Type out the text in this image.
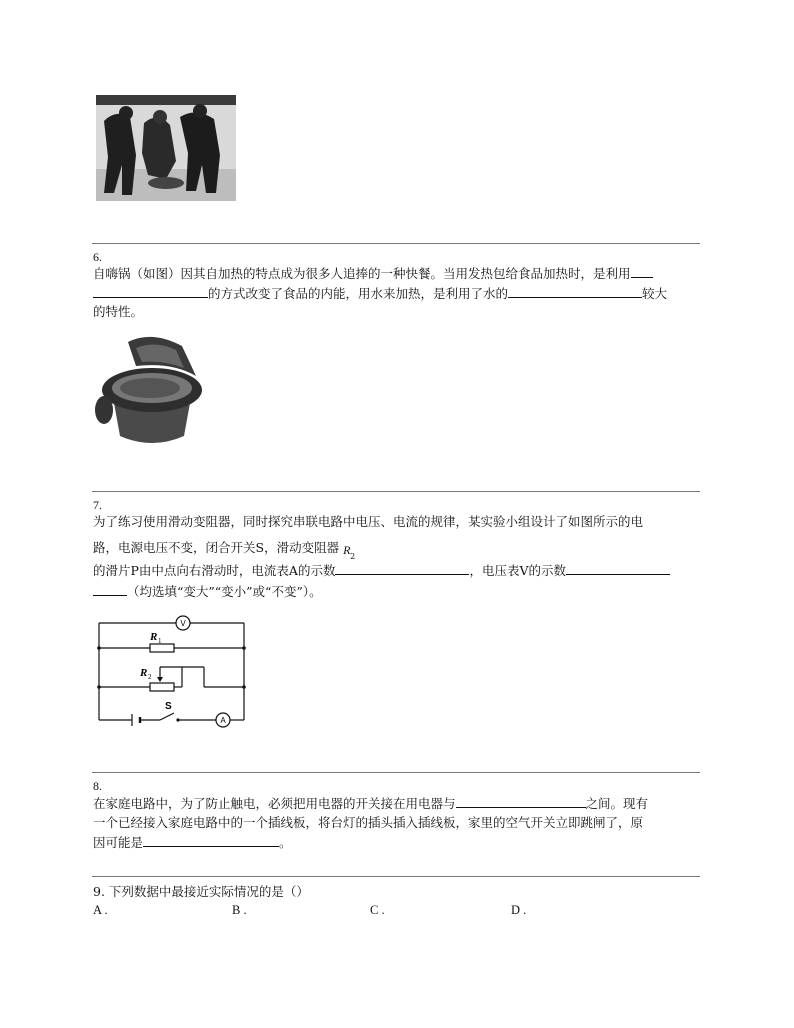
6.
自嗨锅（如图）因其自加热的特点成为很多人追捧的一种快餐。当用发热包给食品加热时，是利用
的方式改变了食品的内能，用水来加热，是利用了水的	较大
的特性。
7.
为了练习使用滑动变阻器，同时探究串联电路中电压、电流的规律，某实验小组设计了如图所示的电
路，电源电压不变，闭合开关S，滑动变阻器 R 2
的滑片P由中点向右滑动时，电流表A的示数	，电压表V的示数
（均选填“变大”“变小”或“不变”）。
V
A
R 1
R 2
S
8.
在家庭电路中，为了防止触电，必须把用电器的开关接在用电器与	之间。现有
一个已经接入家庭电路中的一个插线板，将台灯的插头插入插线板，家里的空气开关立即跳闸了，原
因可能是	。
9. 下列数据中最接近实际情况的是（）
A .	B .	C .	D .
